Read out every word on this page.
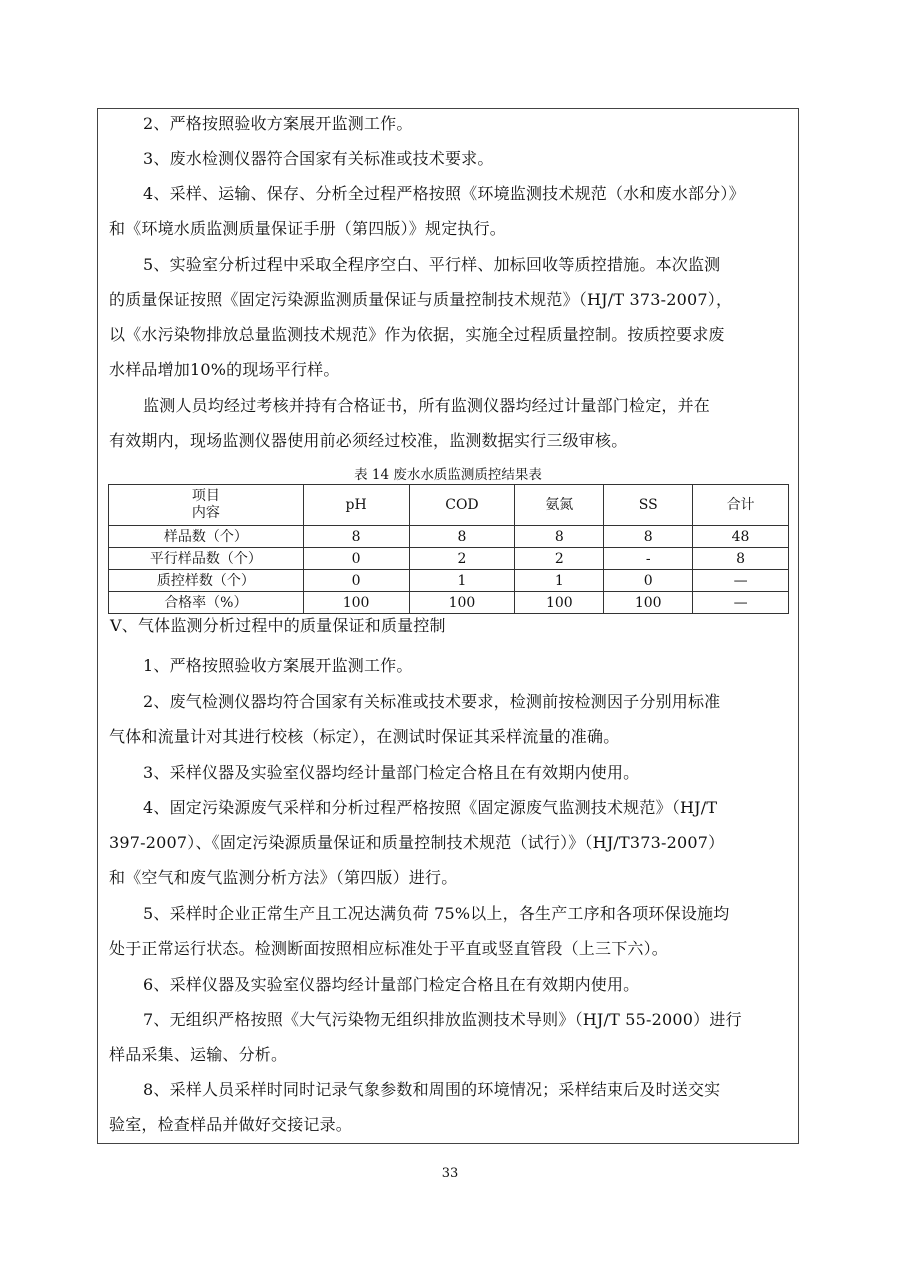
2、严格按照验收方案展开监测工作。
3、废水检测仪器符合国家有关标准或技术要求。
4、采样、运输、保存、分析全过程严格按照《环境监测技术规范（水和废水部分）》
和《环境水质监测质量保证手册（第四版）》规定执行。
5、实验室分析过程中采取全程序空白、平行样、加标回收等质控措施。本次监测
的质量保证按照《固定污染源监测质量保证与质量控制技术规范》（HJ/T 373-2007），
以《水污染物排放总量监测技术规范》作为依据，实施全过程质量控制。按质控要求废
水样品增加10%的现场平行样。
监测人员均经过考核并持有合格证书，所有监测仪器均经过计量部门检定，并在
有效期内，现场监测仪器使用前必须经过校准，监测数据实行三级审核。
表 14 废水水质监测质控结果表
项目
内容	pH	COD	氨氮	SS	合计
样品数（个）	8	8	8	8	48
平行样品数（个）	0	2	2	-	8
质控样数（个）	0	1	1	0	—
合格率（%）	100	100	100	100	—
V、气体监测分析过程中的质量保证和质量控制
1、严格按照验收方案展开监测工作。
2、废气检测仪器均符合国家有关标准或技术要求，检测前按检测因子分别用标准
气体和流量计对其进行校核（标定），在测试时保证其采样流量的准确。
3、采样仪器及实验室仪器均经计量部门检定合格且在有效期内使用。
4、固定污染源废气采样和分析过程严格按照《固定源废气监测技术规范》（HJ/T
397-2007）、《固定污染源质量保证和质量控制技术规范（试行）》（HJ/T373-2007）
和《空气和废气监测分析方法》（第四版）进行。
5、采样时企业正常生产且工况达满负荷 75%以上，各生产工序和各项环保设施均
处于正常运行状态。检测断面按照相应标准处于平直或竖直管段（上三下六）。
6、采样仪器及实验室仪器均经计量部门检定合格且在有效期内使用。
7、无组织严格按照《大气污染物无组织排放监测技术导则》（HJ/T 55-2000）进行
样品采集、运输、分析。
8、采样人员采样时同时记录气象参数和周围的环境情况；采样结束后及时送交实
验室，检查样品并做好交接记录。
33
